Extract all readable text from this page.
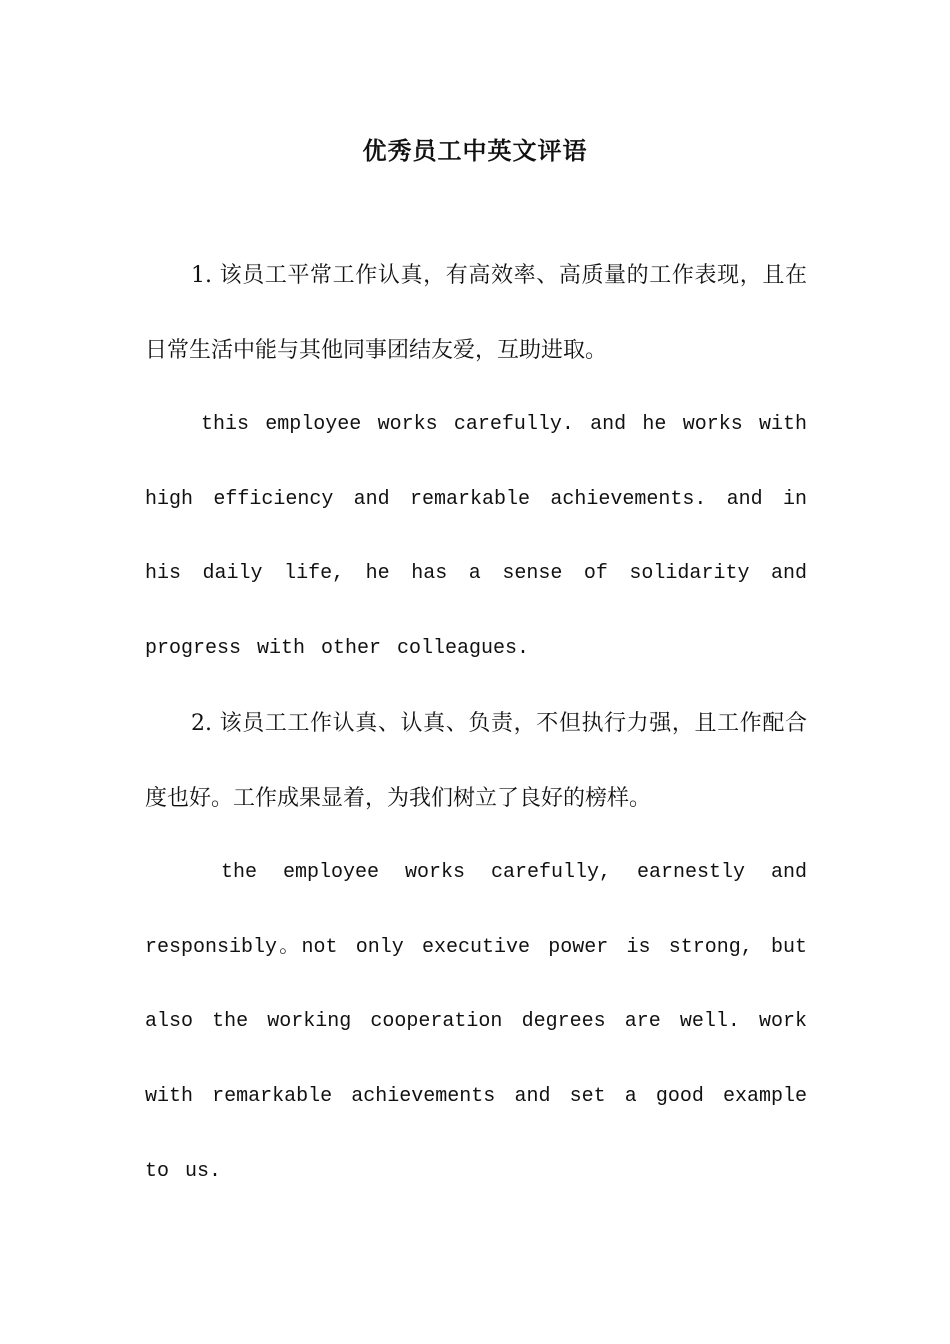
优秀员工中英文评语

1. 该员工平常工作认真，有高效率、高质量的工作表现，且在日常生活中能与其他同事团结友爱，互助进取。

this employee works carefully. and he works with high efficiency and remarkable achievements. and in his daily life, he has a sense of solidarity and progress with other colleagues.

2. 该员工工作认真、认真、负责，不但执行力强，且工作配合度也好。工作成果显着，为我们树立了良好的榜样。

the employee works carefully, earnestly and responsibly。not only executive power is strong, but also the working cooperation degrees are well. work with remarkable achievements and set a good example to us.
